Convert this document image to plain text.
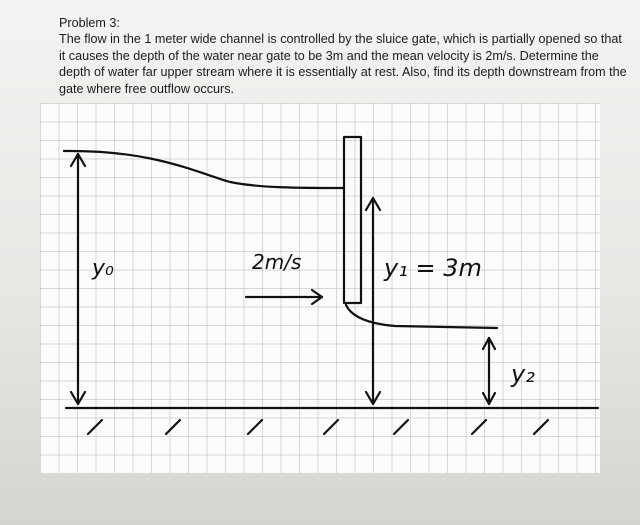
Problem 3:

The flow in the 1 meter wide channel is controlled by the sluice gate, which is partially opened so that it causes the depth of the water near gate to be 3m and the mean velocity is 2m/s. Determine the depth of water far upper stream where it is essentially at rest. Also, find its depth downstream from the gate where free outflow occurs.

y₀	2m/s	y₁ = 3m
y₂
